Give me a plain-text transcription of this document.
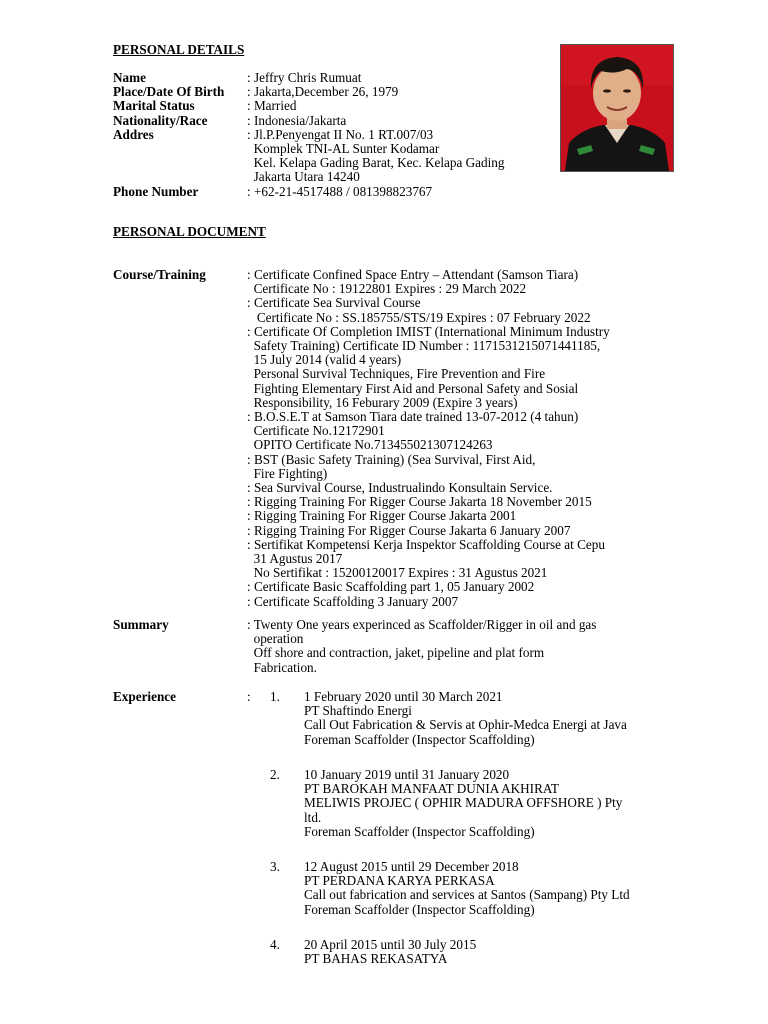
PERSONAL DETAILS
Name	: Jeffry Chris Rumuat
Place/Date Of Birth : Jakarta,December 26, 1979
Marital Status	: Married
Nationality/Race	: Indonesia/Jakarta
Addres	: Jl.P.Penyengat II No. 1 RT.007/03
Komplek TNI-AL Sunter Kodamar
Kel. Kelapa Gading Barat, Kec. Kelapa Gading
Jakarta Utara 14240
Phone Number	: +62-21-4517488 / 081398823767
PERSONAL DOCUMENT
Course/Training	: Certificate Confined Space Entry – Attendant (Samson Tiara)
Certificate No : 19122801 Expires : 29 March 2022
: Certificate Sea Survival Course
Certificate No : SS.185755/STS/19 Expires : 07 February 2022
: Certificate Of Completion IMIST (International Minimum Industry
Safety Training) Certificate ID Number : 1171531215071441185,
15 July 2014 (valid 4 years)
Personal Survival Techniques, Fire Prevention and Fire
Fighting Elementary First Aid and Personal Safety and Sosial
Responsibility, 16 Feburary 2009 (Expire 3 years)
: B.O.S.E.T at Samson Tiara date trained 13-07-2012 (4 tahun)
Certificate No.12172901
OPITO Certificate No.713455021307124263
: BST (Basic Safety Training) (Sea Survival, First Aid,
Fire Fighting)
: Sea Survival Course, Industrualindo Konsultain Service.
: Rigging Training For Rigger Course Jakarta 18 November 2015
: Rigging Training For Rigger Course Jakarta 2001
: Rigging Training For Rigger Course Jakarta 6 January 2007
: Sertifikat Kompetensi Kerja Inspektor Scaffolding Course at Cepu
31 Agustus 2017
No Sertifikat : 15200120017 Expires : 31 Agustus 2021
: Certificate Basic Scaffolding part 1, 05 January 2002
: Certificate Scaffolding 3 January 2007
Summary	: Twenty One years experinced as Scaffolder/Rigger in oil and gas
operation
Off shore and contraction, jaket, pipeline and plat form
Fabrication.
Experience	: 1. 1 February 2020 until 30 March 2021
PT Shaftindo Energi
Call Out Fabrication & Servis at Ophir-Medca Energi at Java
Foreman Scaffolder (Inspector Scaffolding)
2. 10 January 2019 until 31 January 2020
PT BAROKAH MANFAAT DUNIA AKHIRAT
MELIWIS PROJEC ( OPHIR MADURA OFFSHORE ) Pty
ltd.
Foreman Scaffolder (Inspector Scaffolding)
3. 12 August 2015 until 29 December 2018
PT PERDANA KARYA PERKASA
Call out fabrication and services at Santos (Sampang) Pty Ltd
Foreman Scaffolder (Inspector Scaffolding)
4. 20 April 2015 until 30 July 2015
PT BAHAS REKASATYA
